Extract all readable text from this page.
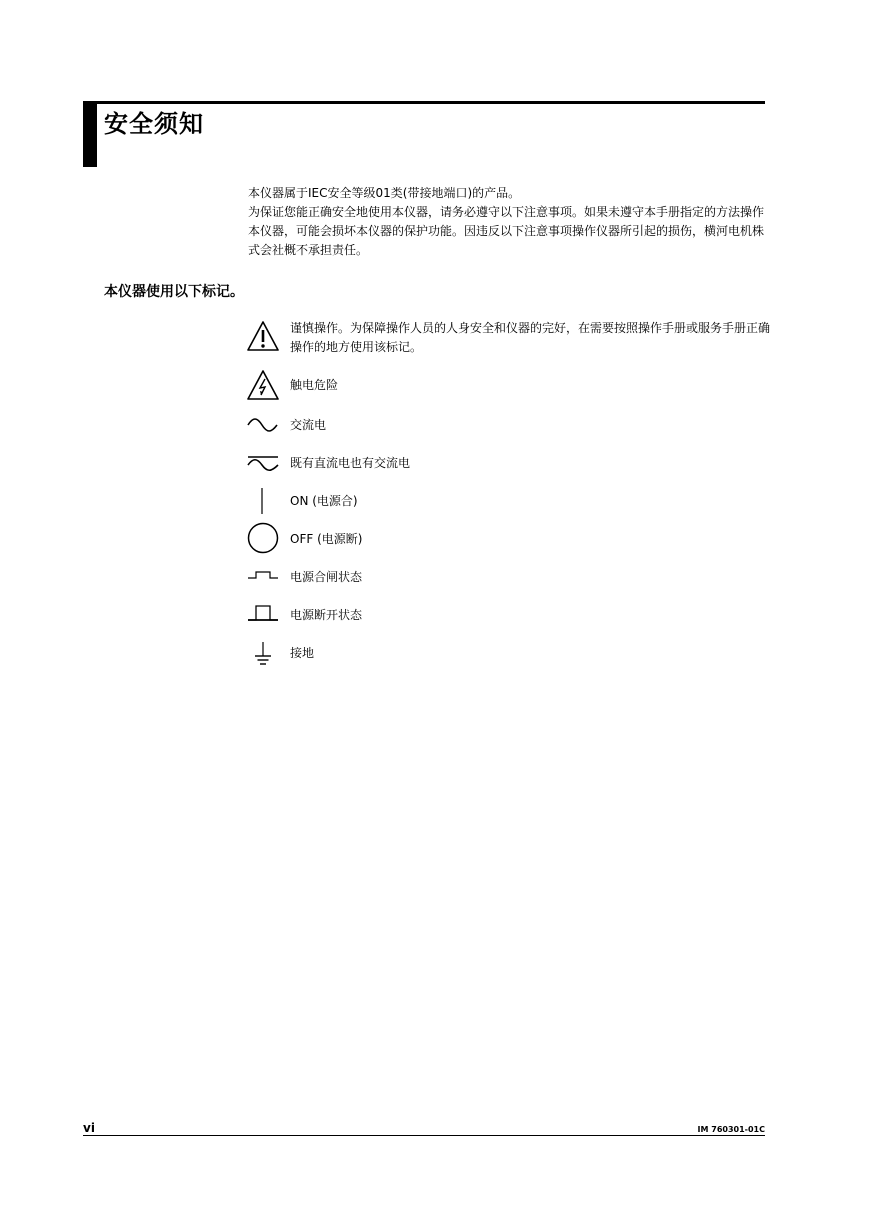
安全须知

本仪器属于IEC安全等级01类(带接地端口)的产品。

为保证您能正确安全地使用本仪器，请务必遵守以下注意事项。如果未遵守本手册指定的方法操作本仪器，可能会损坏本仪器的保护功能。因违反以下注意事项操作仪器所引起的损伤，横河电机株式会社概不承担责任。

本仪器使用以下标记。
谨慎操作。为保障操作人员的人身安全和仪器的完好，在需要按照操作手册或服务手册正确操作的地方使用该标记。
触电危险
交流电
既有直流电也有交流电
ON (电源合)
OFF (电源断)
电源合闸状态
电源断开状态
接地
vi	IM 760301-01C
